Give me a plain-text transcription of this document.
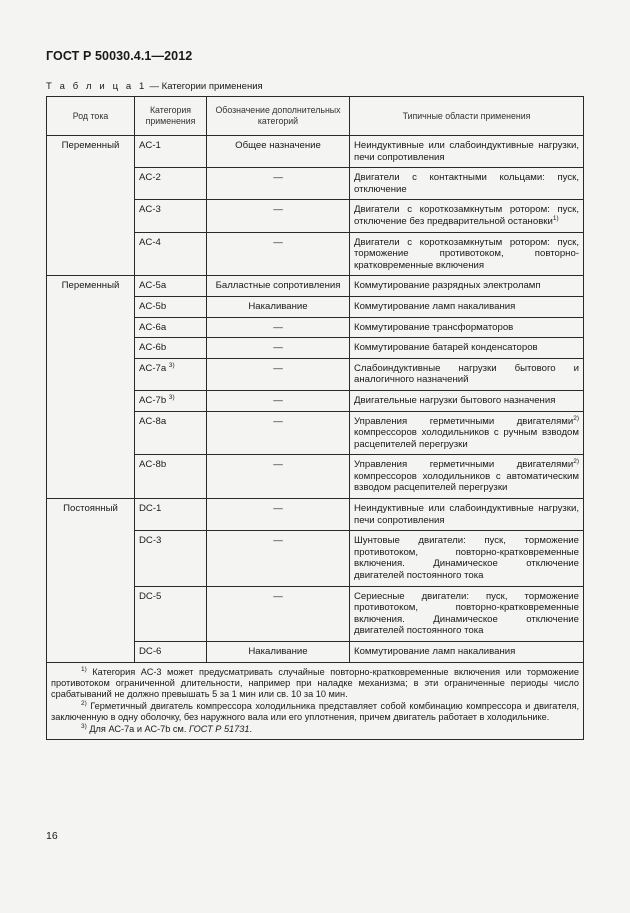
ГОСТ Р 50030.4.1—2012
Т а б л и ц а 1 — Категории применения
Род тока	Категория применения	Обозначение дополнительных категорий	Типичные области применения
Переменный	AC-1	Общее назначение	Неиндуктивные или слабоиндуктивные нагрузки, печи сопротивления
	AC-2	—	Двигатели с контактными кольцами: пуск, отключение
	AC-3	—	Двигатели с короткозамкнутым ротором: пуск, отключение без предварительной остановки$^{1)}$
	AC-4	—	Двигатели с короткозамкнутым ротором: пуск, торможение противотоком, повторно-кратковременные включения
Переменный	AC-5a	Балластные сопротивления	Коммутирование разрядных электроламп
	AC-5b	Накаливание	Коммутирование ламп накаливания
	AC-6a	—	Коммутирование трансформаторов
	AC-6b	—	Коммутирование батарей конденсаторов
	AC-7a $^{3)}$	—	Слабоиндуктивные нагрузки бытового и аналогичного назначений
	AC-7b $^{3)}$	—	Двигательные нагрузки бытового назначения
	AC-8a	—	Управления герметичными двигателями$^{2)}$ компрессоров холодильников с ручным взводом расцепителей перегрузки
	AC-8b	—	Управления герметичными двигателями$^{2)}$ компрессоров холодильников с автоматическим взводом расцепителей перегрузки
Постоянный	DC-1	—	Неиндуктивные или слабоиндуктивные нагрузки, печи сопротивления
	DC-3	—	Шунтовые двигатели: пуск, торможение противотоком, повторно-кратковременные включения. Динамическое отключение двигателей постоянного тока
	DC-5	—	Сериесные двигатели: пуск, торможение противотоком, повторно-кратковременные включения. Динамическое отключение двигателей постоянного тока
	DC-6	Накаливание	Коммутирование ламп накаливания

$^{1)}$ Категория АС-3 может предусматривать случайные повторно-кратковременные включения или торможение противотоком ограниченной длительности, например при наладке механизма; в эти ограниченные периоды число срабатываний не должно превышать 5 за 1 мин или св. 10 за 10 мин.

$^{2)}$ Герметичный двигатель компрессора холодильника представляет собой комбинацию компрессора и двигателя, заключенную в одну оболочку, без наружного вала или его уплотнения, причем двигатель работает в холодильнике.

$^{3)}$ Для АС-7а и АС-7b см. ГОСТ Р 51731.			

16
